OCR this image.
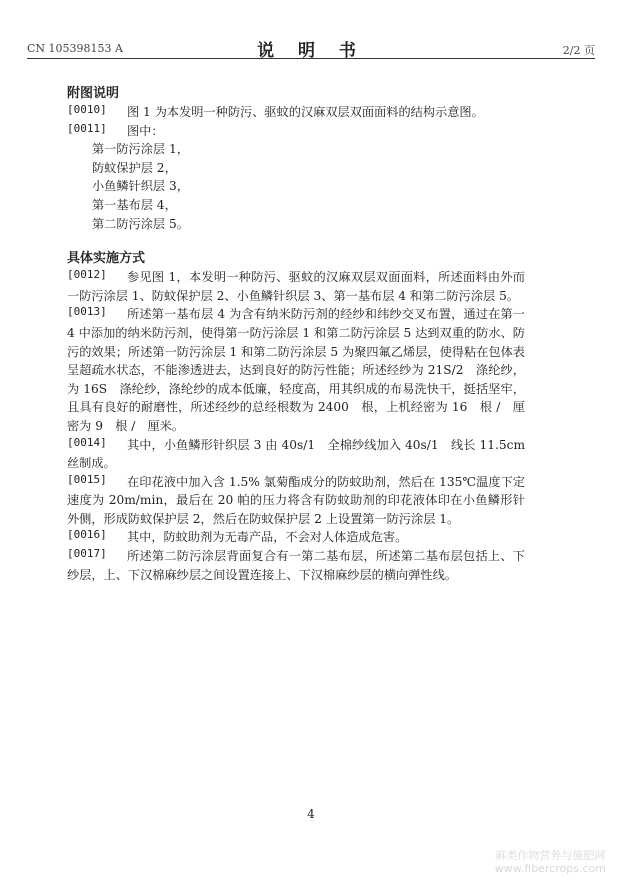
CN 105398153 A	说 明 书	2/2 页
附图说明
图 1 为本发明一种防污、驱蚊的汉麻双层双面面料的结构示意图。
[0010]
图中：
[0011]
第一防污涂层 1，
防蚊保护层 2，
小鱼鳞针织层 3，
第一基布层 4，
第二防污涂层 5。
具体实施方式
参见图 1，本发明一种防污、驱蚊的汉麻双层双面面料，所述面料由外而
[0012]
一防污涂层 1、防蚊保护层 2、小鱼鳞针织层 3、第一基布层 4 和第二防污涂层 5。
所述第一基布层 4 为含有纳米防污剂的经纱和纬纱交叉布置，通过在第一
[0013]
4 中添加的纳米防污剂，使得第一防污涂层 1 和第二防污涂层 5 达到双重的防水、防
污的效果；所述第一防污涂层 1 和第二防污涂层 5 为聚四氟乙烯层，使得粘在包体表
呈超疏水状态，不能渗透进去，达到良好的防污性能；所述经纱为 21S/2　涤纶纱，
为 16S　涤纶纱，涤纶纱的成本低廉，轻度高，用其织成的布易洗快干，挺括坚牢，
且具有良好的耐磨性，所述经纱的总经根数为 2400　根，上机经密为 16　根 /　厘
密为 9　根 /　厘米。
其中，小鱼鳞形针织层 3 由 40s/1　全棉纱线加入 40s/1　线长 11.5cm
[0014]
丝制成。
在印花液中加入含 1.5% 氯菊酯成分的防蚊助剂，然后在 135℃温度下定
[0015]
速度为 20m/min，最后在 20 帕的压力将含有防蚊助剂的印花液体印在小鱼鳞形针
外侧，形成防蚊保护层 2，然后在防蚊保护层 2 上设置第一防污涂层 1。
其中，防蚊助剂为无毒产品，不会对人体造成危害。
[0016]
所述第二防污涂层背面复合有一第二基布层，所述第二基布层包括上、下
[0017]
纱层，上、下汉棉麻纱层之间设置连接上、下汉棉麻纱层的横向弹性线。
4
麻类作物营养与施肥网
www.fibercrops.com
